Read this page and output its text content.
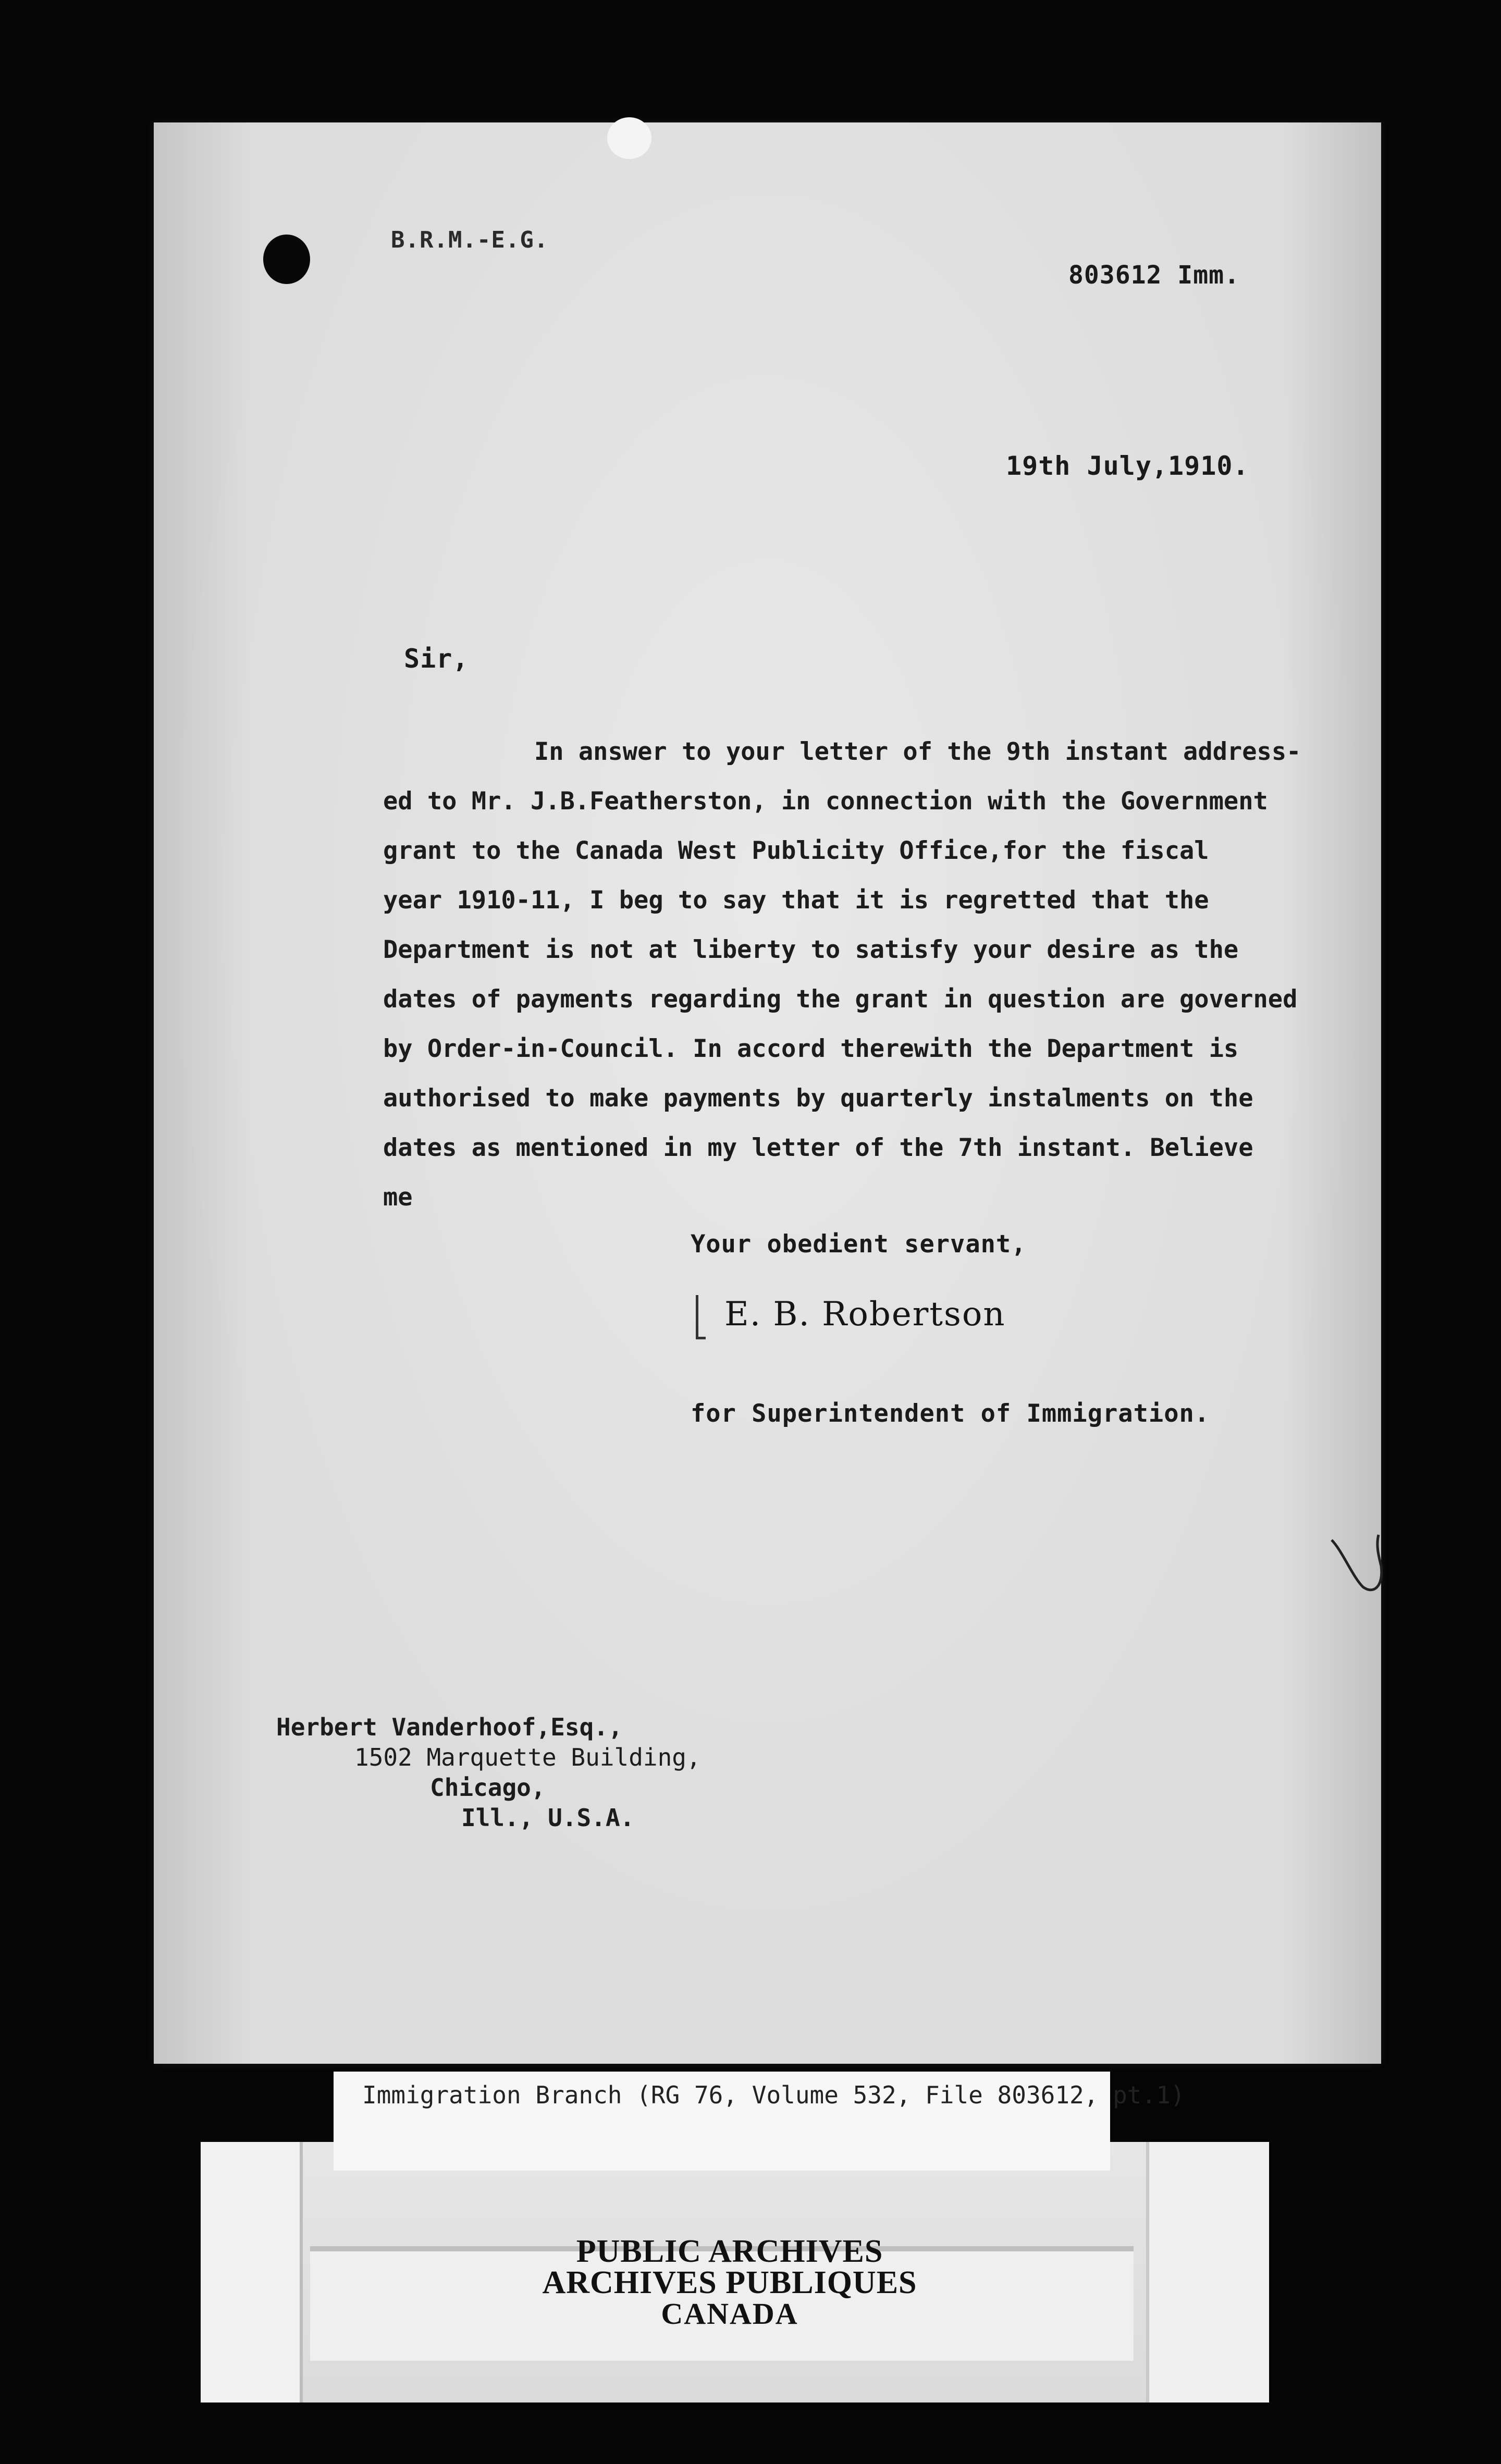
B.R.M.-E.G.
803612 Imm.
19th July,1910.
Sir,
In answer to your letter of the 9th instant address-
ed to Mr. J.B.Featherston, in connection with the Government
grant to the Canada West Publicity Office,for the fiscal
year 1910-11, I beg to say that it is regretted that the
Department is not at liberty to satisfy your desire as the
dates of payments regarding the grant in question are governed
by Order-in-Council. In accord therewith the Department is
authorised to make payments by quarterly instalments on the
dates as mentioned in my letter of the 7th instant. Believe
me
Your obedient servant,
E. B. Robertson
for Superintendent of Immigration.
Herbert Vanderhoof,Esq.,
1502 Marquette Building,
Chicago,
Ill., U.S.A.
Immigration Branch (RG 76, Volume 532, File 803612, pt.1)
PUBLIC ARCHIVES
ARCHIVES PUBLIQUES
CANADA
